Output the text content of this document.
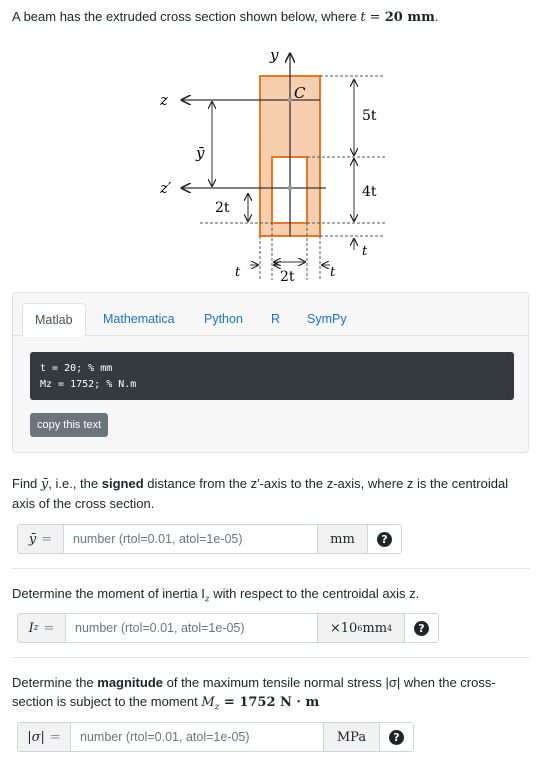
A beam has the extruded cross section shown below, where t = 20 mm.
y
z
z′
C
ȳ
5t
4t
t
2t
t	2t	t
Matlab	Mathematica Python R SymPy
t = 20; % mm
Mz = 1752; % N.m
copy this text
Find ȳ, i.e., the signed distance from the z′-axis to the z-axis, where z is the centroidal axis of the cross section.
ȳ =	number (rtol=0.01, atol=1e-05)	mm	?
Determine the moment of inertia $I_z$ with respect to the centroidal axis z.
I z =	number (rtol=0.01, atol=1e-05)	×10 6 mm 4	?
Determine the magnitude of the maximum tensile normal stress |σ| when the cross-section is subject to the moment $M_z = 1752$ N · m
|σ| =	number (rtol=0.01, atol=1e-05)	MPa	?
